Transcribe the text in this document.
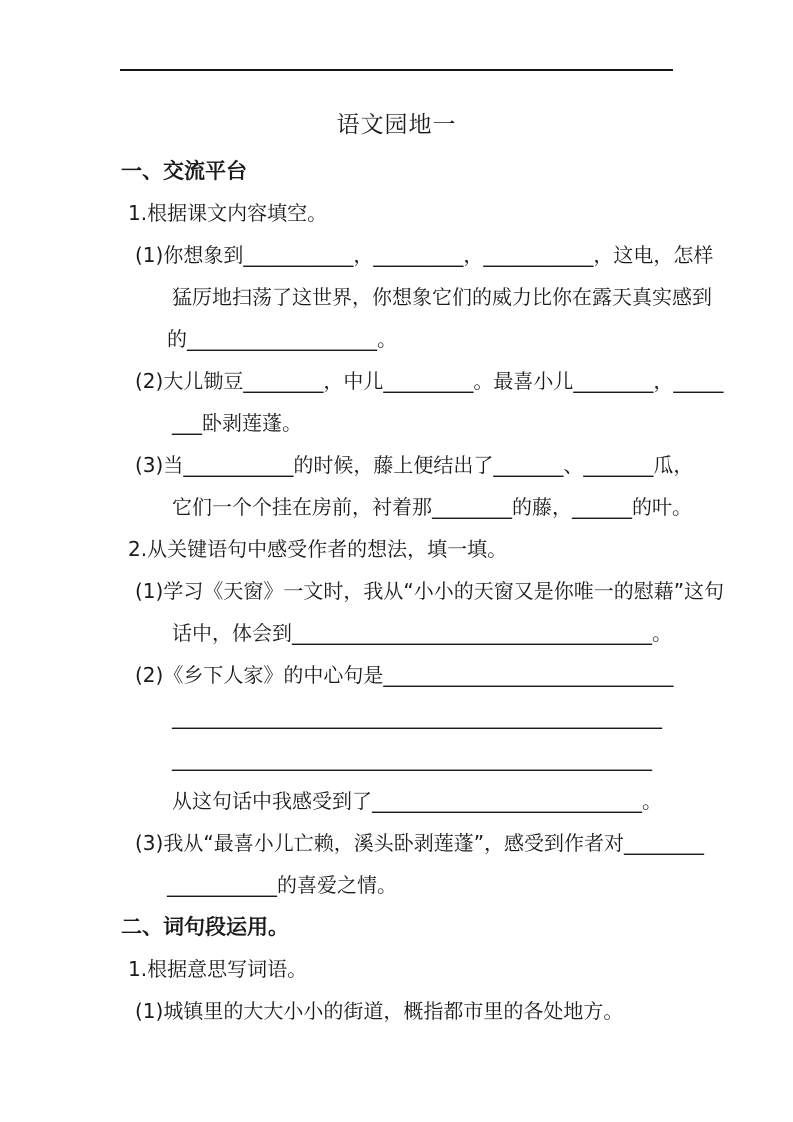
语文园地一
一、交流平台
1.根据课文内容填空。
(1)你想象到___________，_________，___________，这电，怎样
猛厉地扫荡了这世界，你想象它们的威力比你在露天真实感到
的___________________。
(2)大儿锄豆________，中儿_________。最喜小儿________，_____
___卧剥莲蓬。
(3)当___________的时候，藤上便结出了_______、_______瓜，
它们一个个挂在房前，衬着那________的藤，______的叶。
2.从关键语句中感受作者的想法，填一填。
(1)学习《天窗》一文时，我从“小小的天窗又是你唯一的慰藉”这句
话中，体会到____________________________________。
(2)《乡下人家》的中心句是_____________________________
_________________________________________________
________________________________________________
从这句话中我感受到了___________________________。
(3)我从“最喜小儿亡赖，溪头卧剥莲蓬”，感受到作者对________
___________的喜爱之情。
二、词句段运用。
1.根据意思写词语。
(1)城镇里的大大小小的街道，概指都市里的各处地方。
